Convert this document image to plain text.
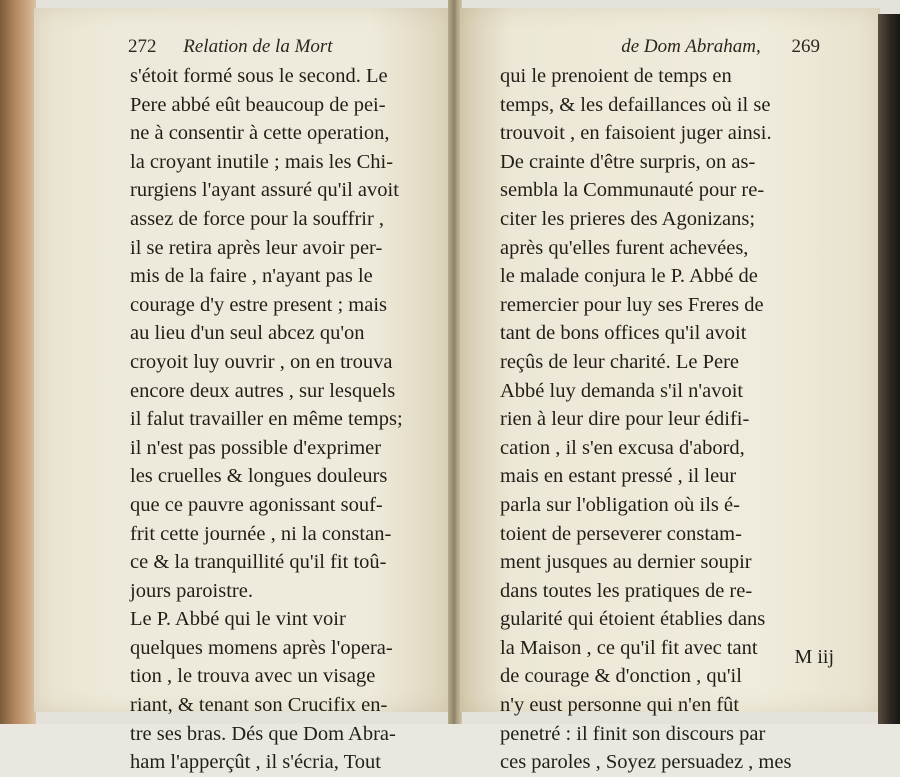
272 Relation de la Mort
s'étoit formé sous le second. Le
Pere abbé eût beaucoup de pei-
ne à consentir à cette operation,
la croyant inutile ; mais les Chi-
rurgiens l'ayant assuré qu'il avoit
assez de force pour la souffrir ,
il se retira après leur avoir per-
mis de la faire , n'ayant pas le
courage d'y estre present ; mais
au lieu d'un seul abcez qu'on
croyoit luy ouvrir , on en trouva
encore deux autres , sur lesquels
il falut travailler en même temps;
il n'est pas possible d'exprimer
les cruelles & longues douleurs
que ce pauvre agonissant souf-
frit cette journée , ni la constan-
ce & la tranquillité qu'il fit toû-
jours paroistre.
Le P. Abbé qui le vint voir
quelques momens après l'opera-
tion , le trouva avec un visage
riant, & tenant son Crucifix en-
tre ses bras. Dés que Dom Abra-
ham l'apperçût , il s'écria, Tout
de Dom Abraham, 269
qui le prenoient de temps en
temps, & les defaillances où il se
trouvoit , en faisoient juger ainsi.
De crainte d'être surpris, on as-
sembla la Communauté pour re-
citer les prieres des Agonizans;
après qu'elles furent achevées,
le malade conjura le P. Abbé de
remercier pour luy ses Freres de
tant de bons offices qu'il avoit
reçûs de leur charité. Le Pere
Abbé luy demanda s'il n'avoit
rien à leur dire pour leur édifi-
cation , il s'en excusa d'abord,
mais en estant pressé , il leur
parla sur l'obligation où ils é-
toient de perseverer constam-
ment jusques au dernier soupir
dans toutes les pratiques de re-
gularité qui étoient établies dans
la Maison , ce qu'il fit avec tant
de courage & d'onction , qu'il
n'y eust personne qui n'en fût
penetré : il finit son discours par
ces paroles , Soyez persuadez , mes
M iij
